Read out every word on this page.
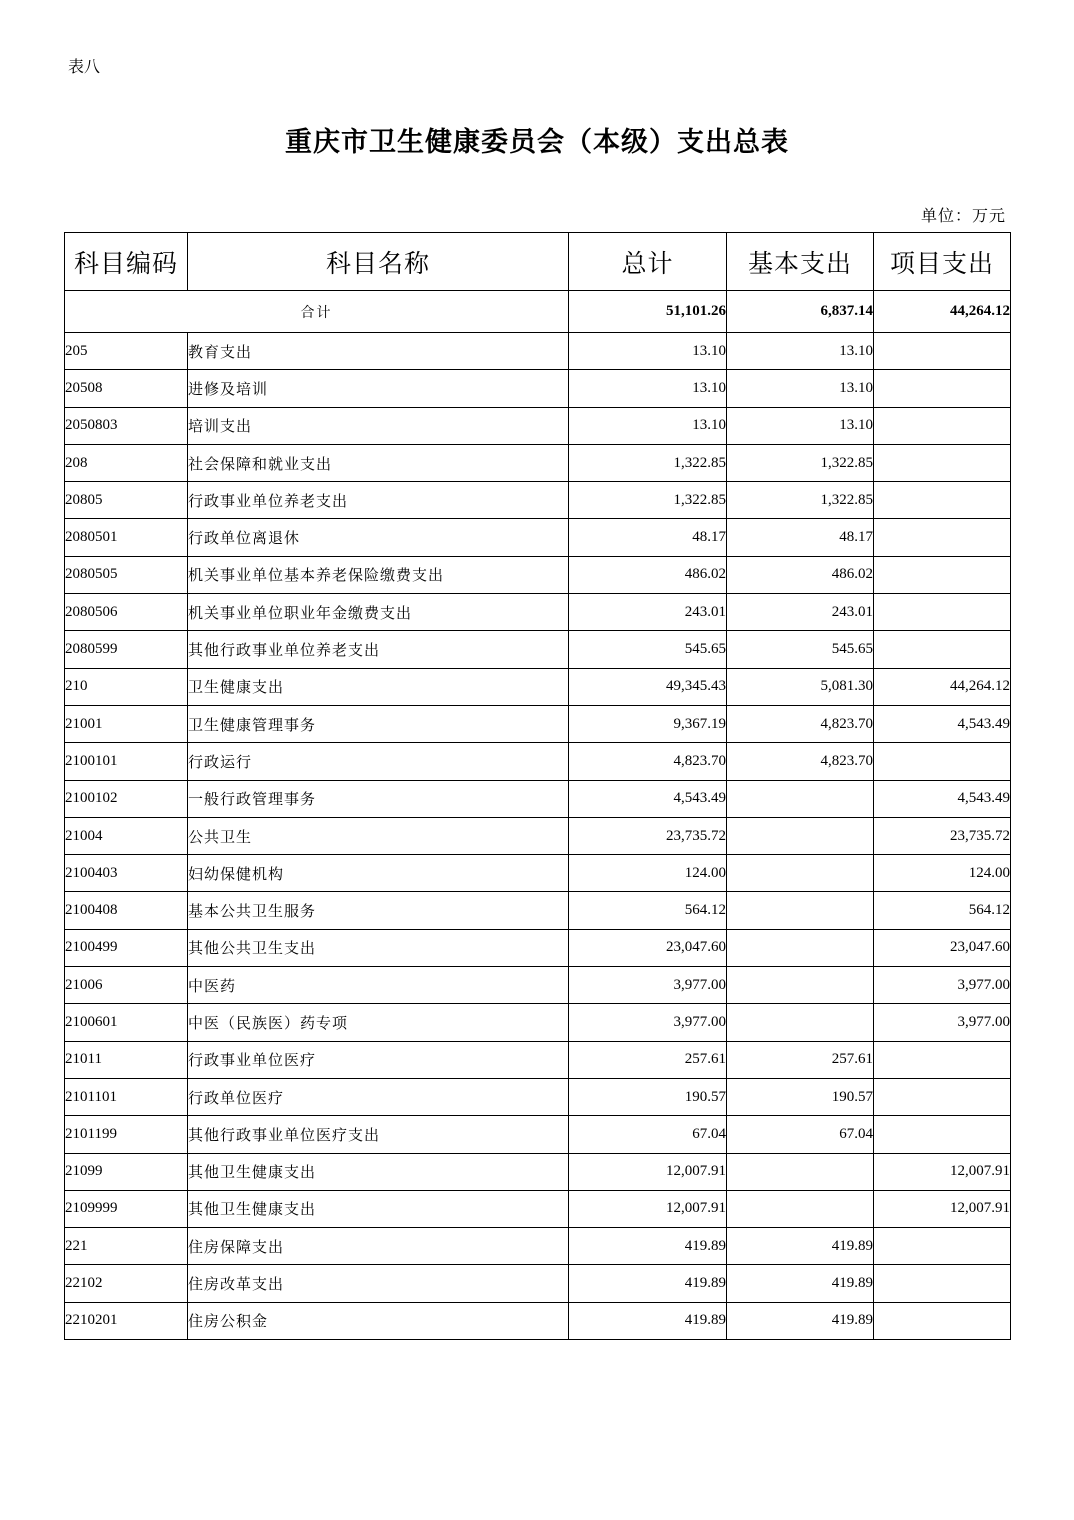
表八
重庆市卫生健康委员会（本级）支出总表
单位：万元
科目编码	科目名称	总计	基本支出	项目支出
合计		51,101.26	6,837.14	44,264.12
205	教育支出	13.10	13.10	
20508	进修及培训	13.10	13.10	
2050803	培训支出	13.10	13.10	
208	社会保障和就业支出	1,322.85	1,322.85	
20805	行政事业单位养老支出	1,322.85	1,322.85	
2080501	行政单位离退休	48.17	48.17	
2080505	机关事业单位基本养老保险缴费支出	486.02	486.02	
2080506	机关事业单位职业年金缴费支出	243.01	243.01	
2080599	其他行政事业单位养老支出	545.65	545.65	
210	卫生健康支出	49,345.43	5,081.30	44,264.12
21001	卫生健康管理事务	9,367.19	4,823.70	4,543.49
2100101	行政运行	4,823.70	4,823.70	
2100102	一般行政管理事务	4,543.49		4,543.49
21004	公共卫生	23,735.72		23,735.72
2100403	妇幼保健机构	124.00		124.00
2100408	基本公共卫生服务	564.12		564.12
2100499	其他公共卫生支出	23,047.60		23,047.60
21006	中医药	3,977.00		3,977.00
2100601	中医（民族医）药专项	3,977.00		3,977.00
21011	行政事业单位医疗	257.61	257.61	
2101101	行政单位医疗	190.57	190.57	
2101199	其他行政事业单位医疗支出	67.04	67.04	
21099	其他卫生健康支出	12,007.91		12,007.91
2109999	其他卫生健康支出	12,007.91		12,007.91
221	住房保障支出	419.89	419.89	
22102	住房改革支出	419.89	419.89	
2210201	住房公积金	419.89	419.89	
